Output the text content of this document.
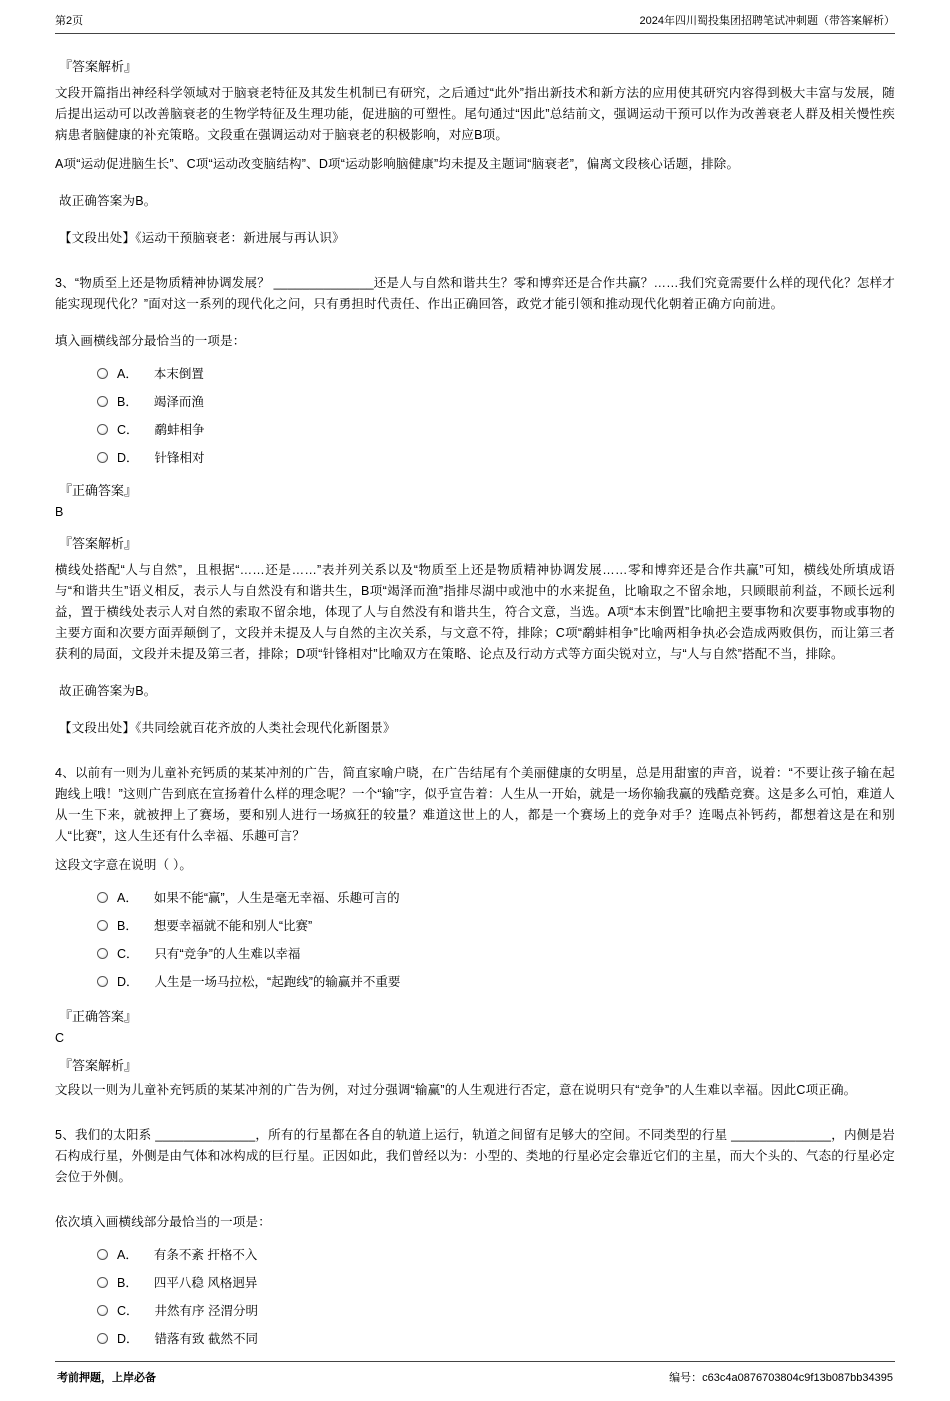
第2页	2024年四川蜀投集团招聘笔试冲刺题（带答案解析）
『答案解析』
文段开篇指出神经科学领域对于脑衰老特征及其发生机制已有研究，之后通过“此外”指出新技术和新方法的应用使其研究内容得到极大丰富与发展，随后提出运动可以改善脑衰老的生物学特征及生理功能，促进脑的可塑性。尾句通过“因此”总结前文，强调运动干预可以作为改善衰老人群及相关慢性疾病患者脑健康的补充策略。文段重在强调运动对于脑衰老的积极影响，对应B项。
A项“运动促进脑生长”、C项“运动改变脑结构”、D项“运动影响脑健康”均未提及主题词“脑衰老”，偏离文段核心话题，排除。
故正确答案为B。
【文段出处】《运动干预脑衰老：新进展与再认识》
3、“物质至上还是物质精神协调发展？ ______________还是人与自然和谐共生？零和博弈还是合作共赢？……我们究竟需要什么样的现代化？怎样才能实现现代化？”面对这一系列的现代化之问，只有勇担时代责任、作出正确回答，政党才能引领和推动现代化朝着正确方向前进。
填入画横线部分最恰当的一项是：
A． 本末倒置
B． 竭泽而渔
C． 鹬蚌相争
D． 针锋相对
『正确答案』
B
『答案解析』
横线处搭配“人与自然”，且根据“……还是……”表并列关系以及“物质至上还是物质精神协调发展……零和博弈还是合作共赢”可知，横线处所填成语与“和谐共生”语义相反，表示人与自然没有和谐共生，B项“竭泽而渔”指排尽湖中或池中的水来捉鱼，比喻取之不留余地，只顾眼前利益，不顾长远利益，置于横线处表示人对自然的索取不留余地，体现了人与自然没有和谐共生，符合文意，当选。A项“本末倒置”比喻把主要事物和次要事物或事物的主要方面和次要方面弄颠倒了，文段并未提及人与自然的主次关系，与文意不符，排除；C项“鹬蚌相争”比喻两相争执必会造成两败俱伤，而让第三者获利的局面，文段并未提及第三者，排除；D项“针锋相对”比喻双方在策略、论点及行动方式等方面尖锐对立，与“人与自然”搭配不当，排除。
故正确答案为B。
【文段出处】《共同绘就百花齐放的人类社会现代化新图景》
4、以前有一则为儿童补充钙质的某某冲剂的广告，简直家喻户晓，在广告结尾有个美丽健康的女明星，总是用甜蜜的声音，说着：“不要让孩子输在起跑线上哦！”这则广告到底在宣扬着什么样的理念呢？一个“输”字，似乎宣告着：人生从一开始，就是一场你输我赢的残酷竞赛。这是多么可怕，难道人从一生下来，就被押上了赛场，要和别人进行一场疯狂的较量？难道这世上的人，都是一个赛场上的竞争对手？连喝点补钙药，都想着这是在和别人“比赛”，这人生还有什么幸福、乐趣可言？
这段文字意在说明（ ）。
A． 如果不能“赢”，人生是毫无幸福、乐趣可言的
B． 想要幸福就不能和别人“比赛”
C． 只有“竞争”的人生难以幸福
D． 人生是一场马拉松，“起跑线”的输赢并不重要
『正确答案』
C
『答案解析』
文段以一则为儿童补充钙质的某某冲剂的广告为例，对过分强调“输赢”的人生观进行否定，意在说明只有“竞争”的人生难以幸福。因此C项正确。
5、我们的太阳系 ______________，所有的行星都在各自的轨道上运行，轨道之间留有足够大的空间。不同类型的行星 ______________，内侧是岩石构成行星，外侧是由气体和冰构成的巨行星。正因如此，我们曾经以为：小型的、类地的行星必定会靠近它们的主星，而大个头的、气态的行星必定会位于外侧。
依次填入画横线部分最恰当的一项是：
A． 有条不紊 扞格不入
B． 四平八稳 风格迥异
C． 井然有序 泾渭分明
D． 错落有致 截然不同
考前押题，上岸必备	编号：c63c4a0876703804c9f13b087bb34395
